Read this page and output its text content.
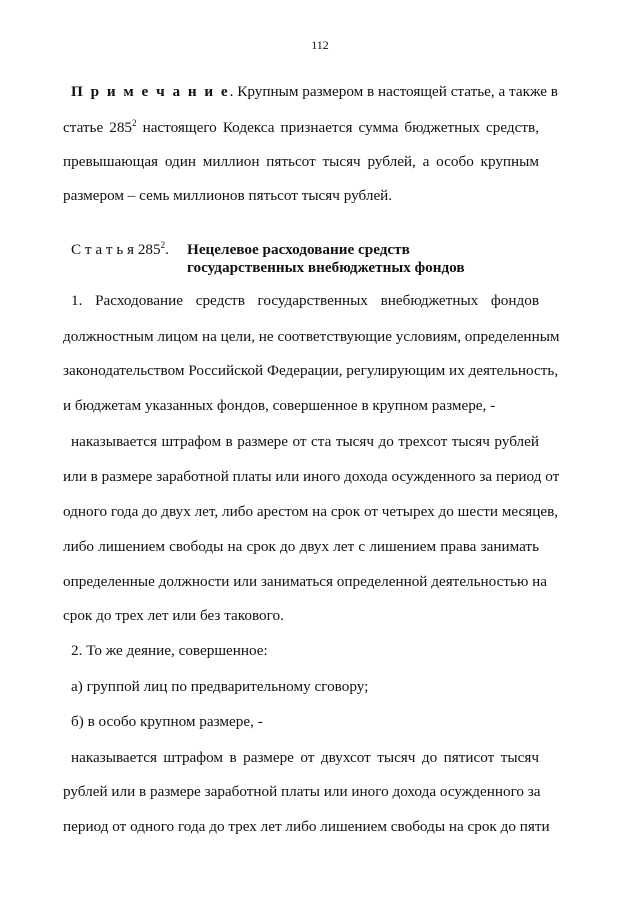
112
П р и м е ч а н и е. Крупным размером в настоящей статье, а также в
статье $285^2$ настоящего Кодекса признается сумма бюджетных средств,
превышающая один миллион пятьсот тысяч рублей, а особо крупным
размером – семь миллионов пятьсот тысяч рублей.
С т а т ь я $285^2$. Нецелевое расходование средств
государственных внебюджетных фондов
1. Расходование средств государственных внебюджетных фондов
должностным лицом на цели, не соответствующие условиям, определенным
законодательством Российской Федерации, регулирующим их деятельность,
и бюджетам указанных фондов, совершенное в крупном размере, -
наказывается штрафом в размере от ста тысяч до трехсот тысяч рублей
или в размере заработной платы или иного дохода осужденного за период от
одного года до двух лет, либо арестом на срок от четырех до шести месяцев,
либо лишением свободы на срок до двух лет с лишением права занимать
определенные должности или заниматься определенной деятельностью на
срок до трех лет или без такового.
2. То же деяние, совершенное:
а) группой лиц по предварительному сговору;
б) в особо крупном размере, -
наказывается штрафом в размере от двухсот тысяч до пятисот тысяч
рублей или в размере заработной платы или иного дохода осужденного за
период от одного года до трех лет либо лишением свободы на срок до пяти
